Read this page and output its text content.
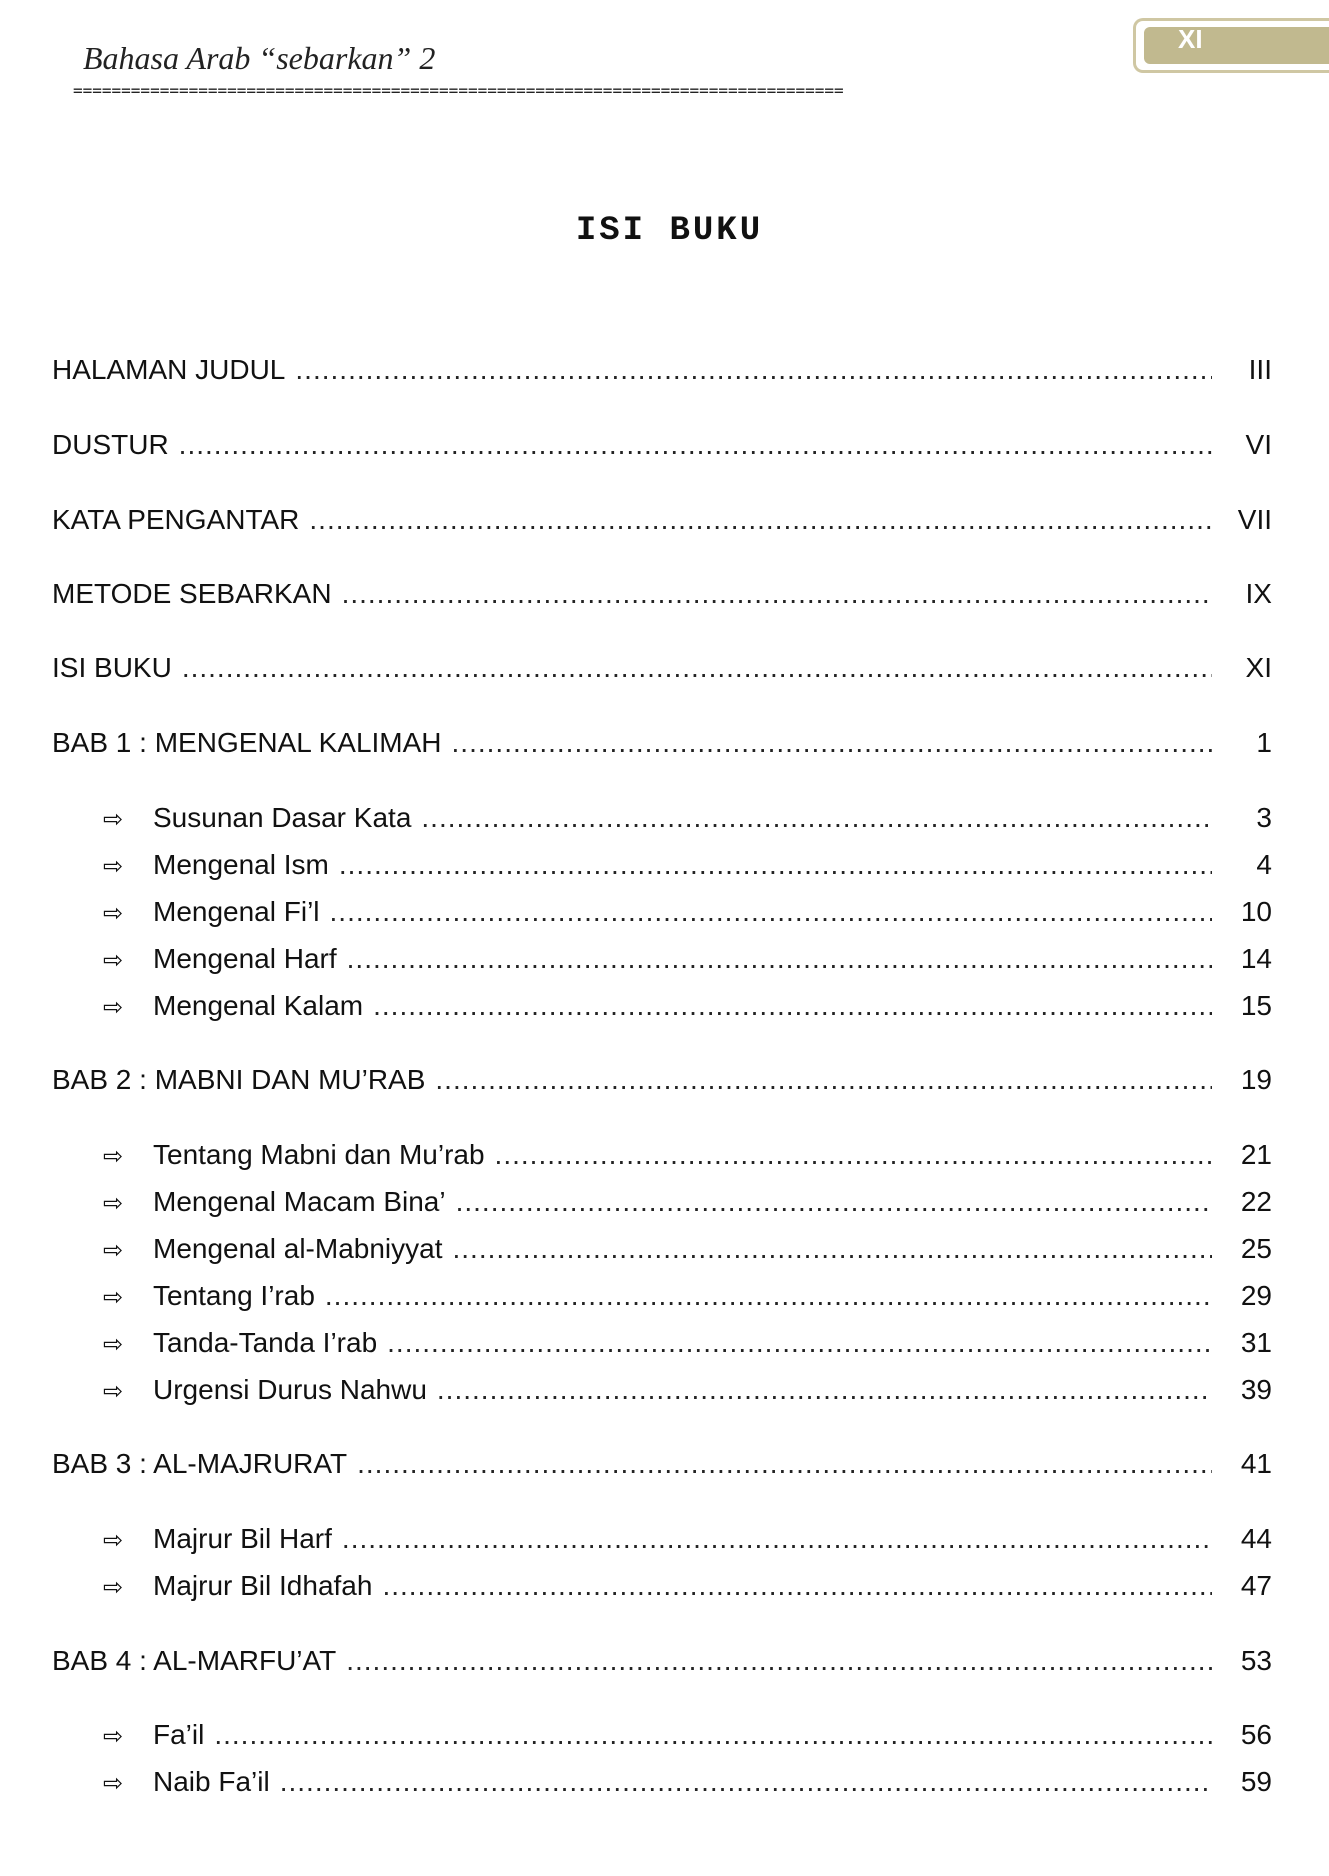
Bahasa Arab “sebarkan” 2
XI
================================================================================
ISI BUKU
HALAMAN JUDUL .....	III
DUSTUR .....	VI
KATA PENGANTAR .....	VII
METODE SEBARKAN .....	IX
ISI BUKU .....	XI
BAB 1 : MENGENAL KALIMAH .....	1
⇨	Susunan Dasar Kata .....	3
⇨	Mengenal Ism .....	4
⇨	Mengenal Fi’l .....	10
⇨	Mengenal Harf .....	14
⇨	Mengenal Kalam .....	15
BAB 2 : MABNI DAN MU’RAB .....	19
⇨	Tentang Mabni dan Mu’rab .....	21
⇨	Mengenal Macam Bina’ .....	22
⇨	Mengenal al-Mabniyyat .....	25
⇨	Tentang I’rab .....	29
⇨	Tanda-Tanda I’rab .....	31
⇨	Urgensi Durus Nahwu .....	39
BAB 3 : AL-MAJRURAT .....	41
⇨	Majrur Bil Harf .....	44
⇨	Majrur Bil Idhafah .....	47
BAB 4 : AL-MARFU’AT .....	53
⇨	Fa’il .....	56
⇨	Naib Fa’il .....	59
